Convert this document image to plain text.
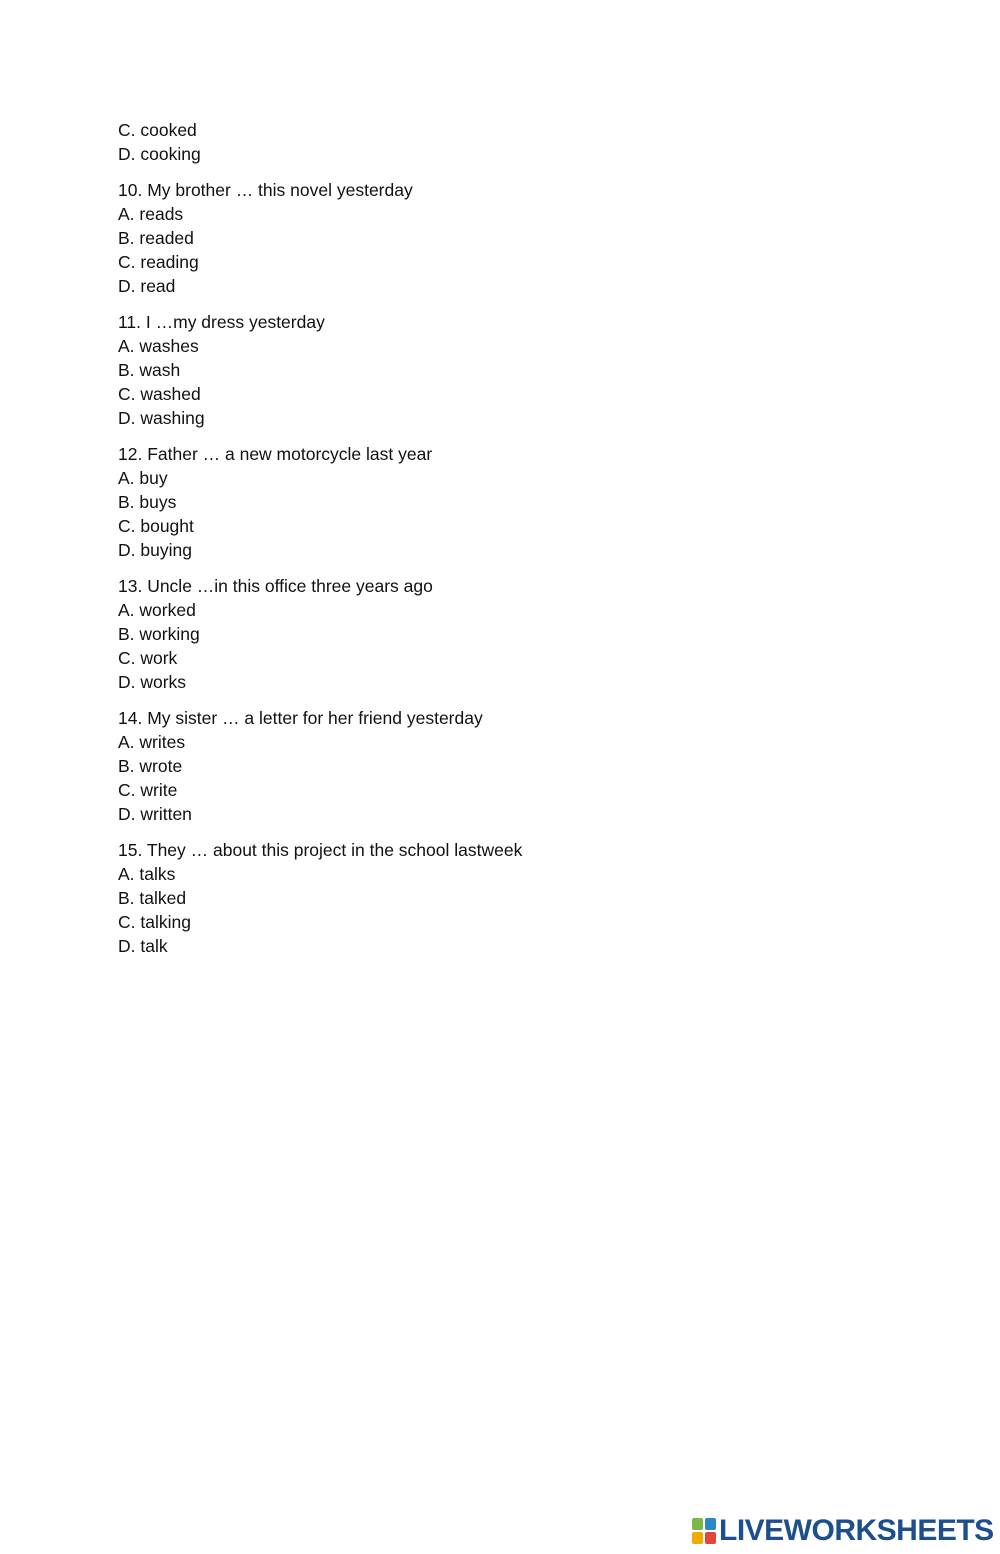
C. cooked
D. cooking
10. My brother … this novel yesterday
A. reads
B. readed
C. reading
D. read
11. I …my dress yesterday
A. washes
B. wash
C. washed
D. washing
12. Father … a new motorcycle last year
A. buy
B. buys
C. bought
D. buying
13. Uncle …in this office three years ago
A. worked
B. working
C. work
D. works
14. My sister … a letter for her friend yesterday
A. writes
B. wrote
C. write
D. written
15. They … about this project in the school lastweek
A. talks
B. talked
C. talking
D. talk
LIVEWORKSHEETS
